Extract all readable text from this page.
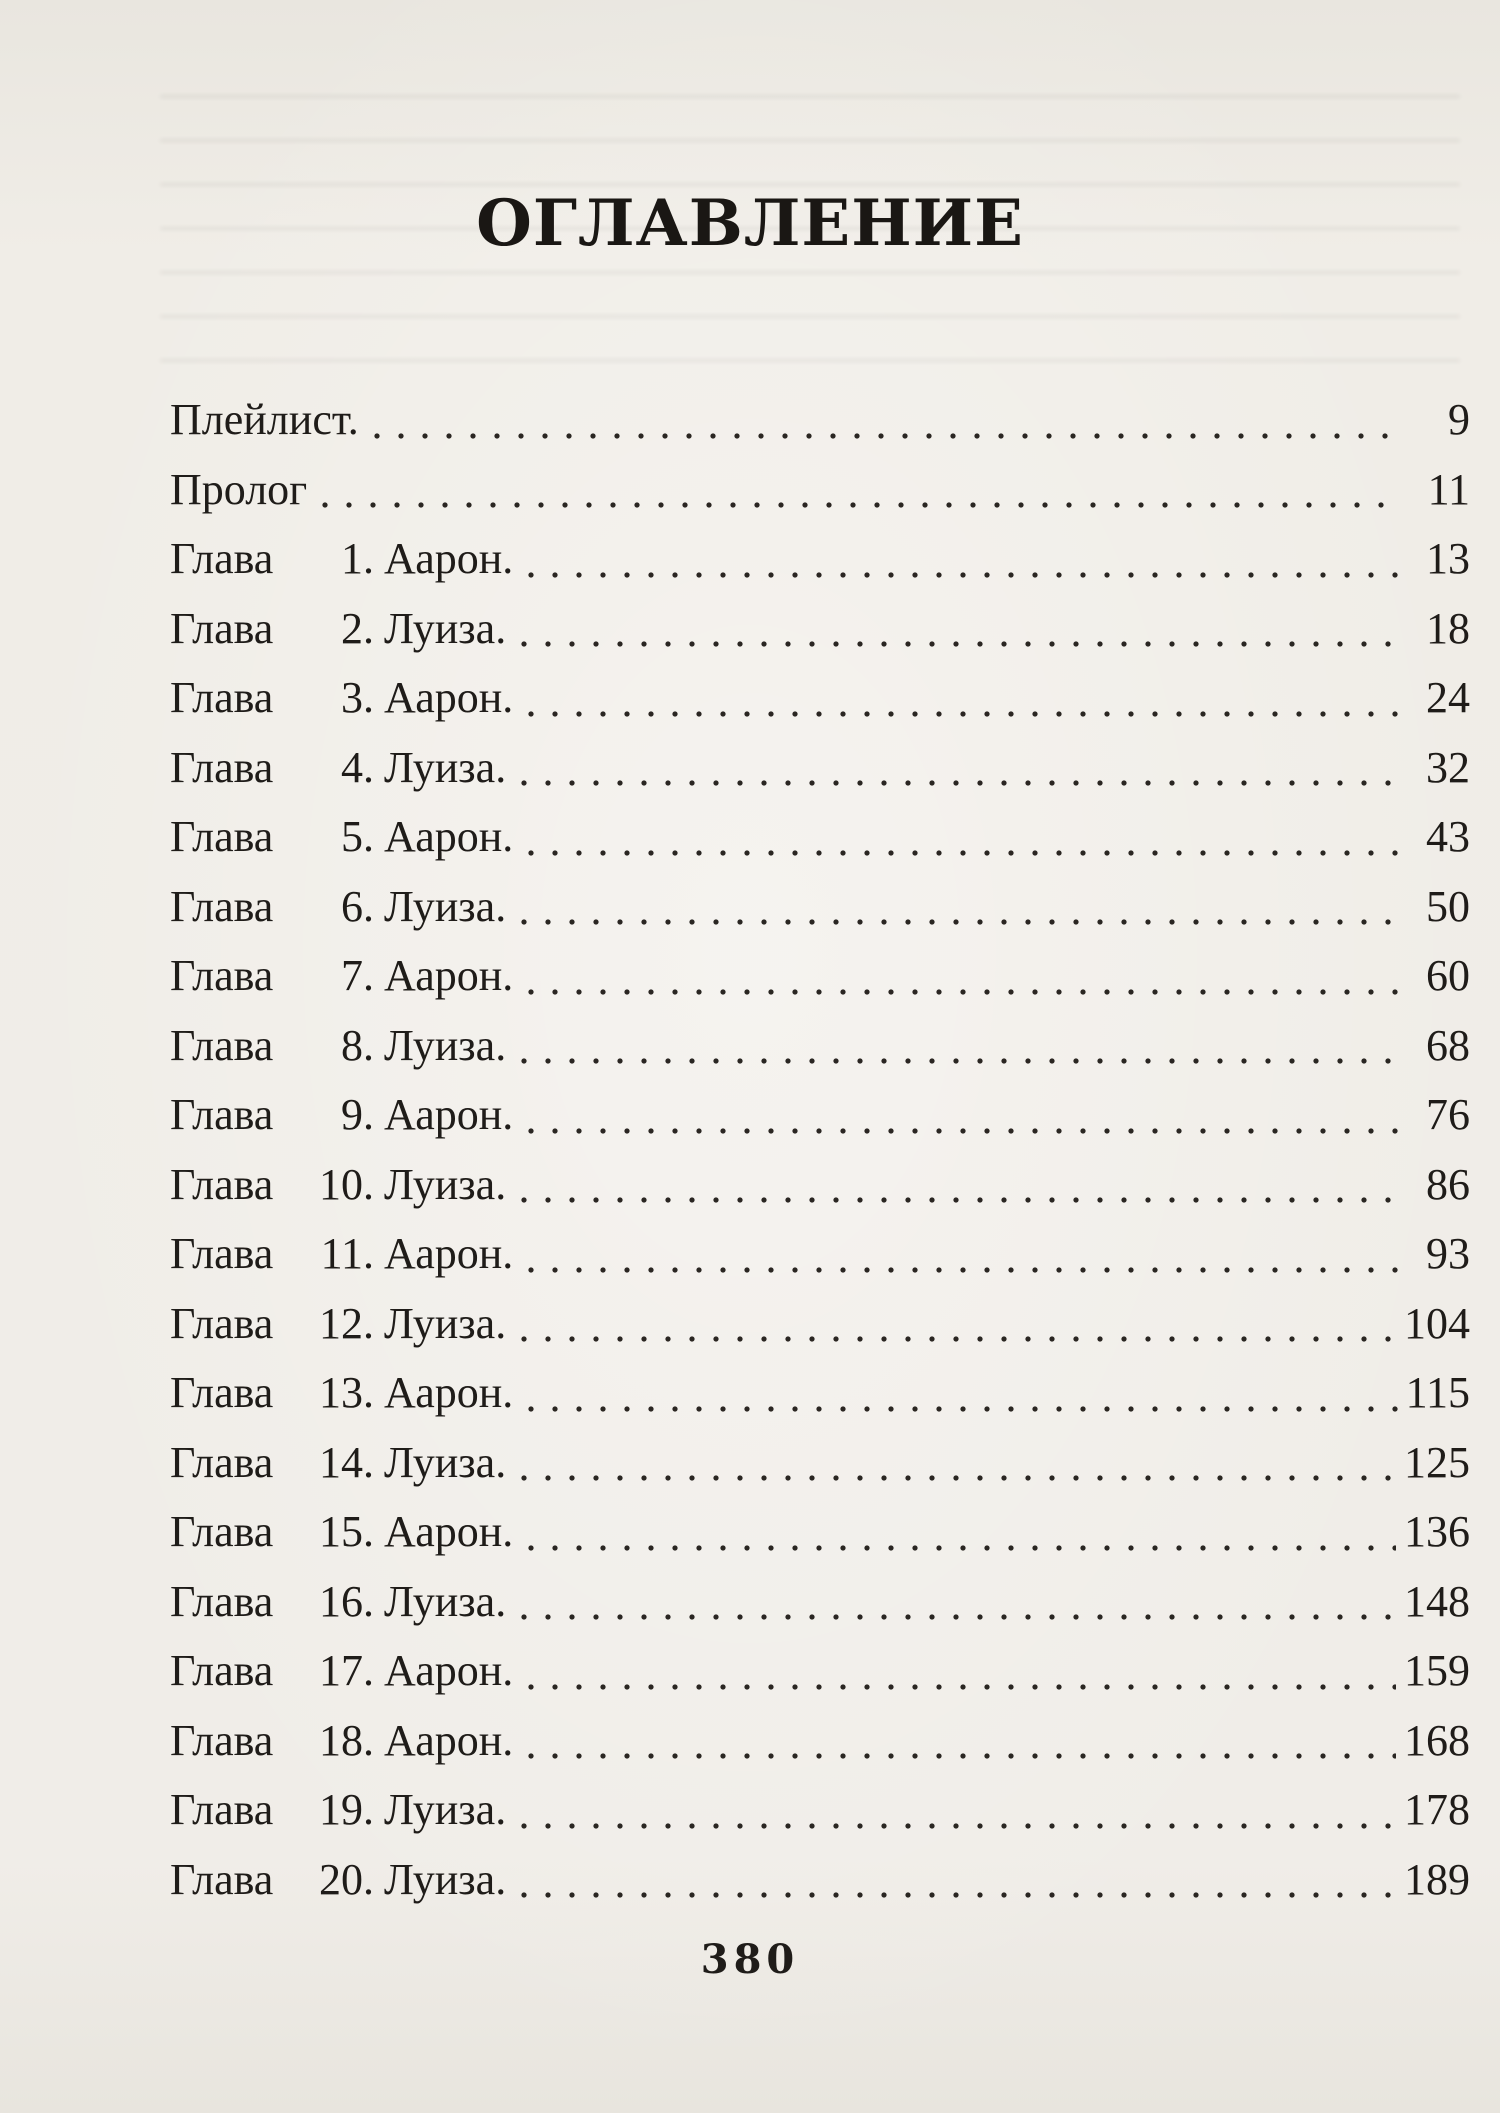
ОГЛАВЛЕНИЕ
Плейлист.	9
Пролог	11
Глава 1. Аарон.	13
Глава 2. Луиза.	18
Глава 3. Аарон.	24
Глава 4. Луиза.	32
Глава 5. Аарон.	43
Глава 6. Луиза.	50
Глава 7. Аарон.	60
Глава 8. Луиза.	68
Глава 9. Аарон.	76
Глава 10. Луиза.	86
Глава 11. Аарон.	93
Глава 12. Луиза.	104
Глава 13. Аарон.	115
Глава 14. Луиза.	125
Глава 15. Аарон.	136
Глава 16. Луиза.	148
Глава 17. Аарон.	159
Глава 18. Аарон.	168
Глава 19. Луиза.	178
Глава 20. Луиза.	189
380
